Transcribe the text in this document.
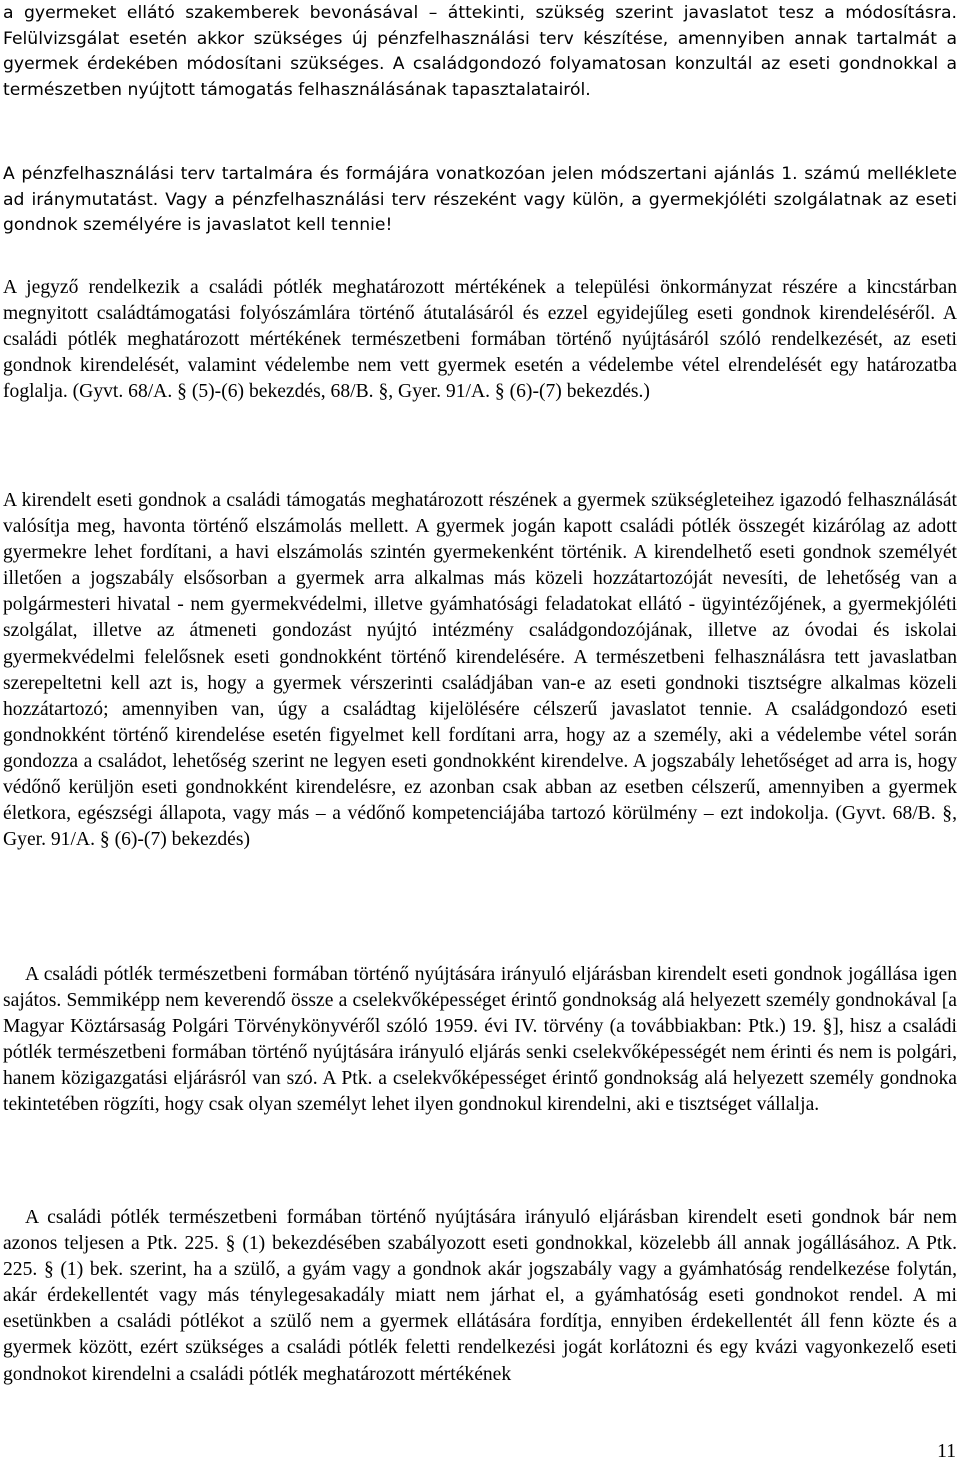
a gyermeket ellátó szakemberek bevonásával – áttekinti, szükség szerint javaslatot tesz a módosításra. Felülvizsgálat esetén akkor szükséges új pénzfelhasználási terv készítése, amennyiben annak tartalmát a gyermek érdekében módosítani szükséges. A családgondozó folyamatosan konzultál az eseti gondnokkal a természetben nyújtott támogatás felhasználásának tapasztalatairól.

A pénzfelhasználási terv tartalmára és formájára vonatkozóan jelen módszertani ajánlás 1. számú melléklete ad iránymutatást. Vagy a pénzfelhasználási terv részeként vagy külön, a gyermekjóléti szolgálatnak az eseti gondnok személyére is javaslatot kell tennie!

A jegyző rendelkezik a családi pótlék meghatározott mértékének a települési önkormányzat részére a kincstárban megnyitott családtámogatási folyószámlára történő átutalásáról és ezzel egyidejűleg eseti gondnok kirendeléséről. A családi pótlék meghatározott mértékének természetbeni formában történő nyújtásáról szóló rendelkezését, az eseti gondnok kirendelését, valamint védelembe nem vett gyermek esetén a védelembe vétel elrendelését egy határozatba foglalja. (Gyvt. 68/A. § (5)-(6) bekezdés, 68/B. §, Gyer. 91/A. § (6)-(7) bekezdés.)

A kirendelt eseti gondnok a családi támogatás meghatározott részének a gyermek szükségleteihez igazodó felhasználását valósítja meg, havonta történő elszámolás mellett. A gyermek jogán kapott családi pótlék összegét kizárólag az adott gyermekre lehet fordítani, a havi elszámolás szintén gyermekenként történik. A kirendelhető eseti gondnok személyét illetően a jogszabály elsősorban a gyermek arra alkalmas más közeli hozzátartozóját nevesíti, de lehetőség van a polgármesteri hivatal - nem gyermekvédelmi, illetve gyámhatósági feladatokat ellátó - ügyintézőjének, a gyermekjóléti szolgálat, illetve az átmeneti gondozást nyújtó intézmény családgondozójának, illetve az óvodai és iskolai gyermekvédelmi felelősnek eseti gondnokként történő kirendelésére. A természetbeni felhasználásra tett javaslatban szerepeltetni kell azt is, hogy a gyermek vérszerinti családjában van-e az eseti gondnoki tisztségre alkalmas közeli hozzátartozó; amennyiben van, úgy a családtag kijelölésére célszerű javaslatot tennie. A családgondozó eseti gondnokként történő kirendelése esetén figyelmet kell fordítani arra, hogy az a személy, aki a védelembe vétel során gondozza a családot, lehetőség szerint ne legyen eseti gondnokként kirendelve. A jogszabály lehetőséget ad arra is, hogy védőnő kerüljön eseti gondnokként kirendelésre, ez azonban csak abban az esetben célszerű, amennyiben a gyermek életkora, egészségi állapota, vagy más – a védőnő kompetenciájába tartozó körülmény – ezt indokolja. (Gyvt. 68/B. §, Gyer. 91/A. § (6)-(7) bekezdés)

A családi pótlék természetbeni formában történő nyújtására irányuló eljárásban kirendelt eseti gondnok jogállása igen sajátos. Semmiképp nem keverendő össze a cselekvőképességet érintő gondnokság alá helyezett személy gondnokával [a Magyar Köztársaság Polgári Törvénykönyvéről szóló 1959. évi IV. törvény (a továbbiakban: Ptk.) 19. §], hisz a családi pótlék természetbeni formában történő nyújtására irányuló eljárás senki cselekvőképességét nem érinti és nem is polgári, hanem közigazgatási eljárásról van szó. A Ptk. a cselekvőképességet érintő gondnokság alá helyezett személy gondnoka tekintetében rögzíti, hogy csak olyan személyt lehet ilyen gondnokul kirendelni, aki e tisztséget vállalja.

A családi pótlék természetbeni formában történő nyújtására irányuló eljárásban kirendelt eseti gondnok bár nem azonos teljesen a Ptk. 225. § (1) bekezdésében szabályozott eseti gondnokkal, közelebb áll annak jogállásához. A Ptk. 225. § (1) bek. szerint, ha a szülő, a gyám vagy a gondnok akár jogszabály vagy a gyámhatóság rendelkezése folytán, akár érdekellentét vagy más ténylegesakadály miatt nem járhat el, a gyámhatóság eseti gondnokot rendel. A mi esetünkben a családi pótlékot a szülő nem a gyermek ellátására fordítja, ennyiben érdekellentét áll fenn közte és a gyermek között, ezért szükséges a családi pótlék feletti rendelkezési jogát korlátozni és egy kvázi vagyonkezelő eseti gondnokot kirendelni a családi pótlék meghatározott mértékének

11
